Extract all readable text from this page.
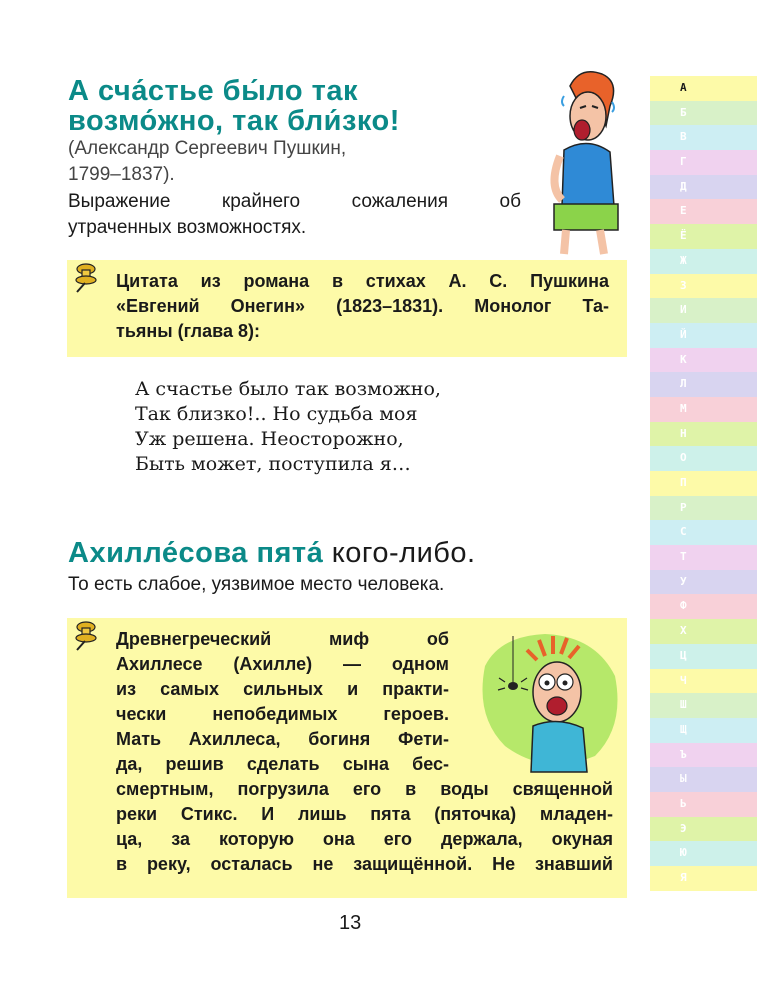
А сча́стье бы́ло так
возмо́жно, так бли́зко!
(Александр Сергеевич Пушкин,
1799–1837).
Выражение крайнего сожаления об
утраченных возможностях.
Цитата из романа в стихах А. С. Пушкина
«Евгений Онегин» (1823–1831). Монолог Та-
тьяны (глава 8):
А счастье было так возможно,
Так близко!.. Но судьба моя
Уж решена. Неосторожно,
Быть может, поступила я…
Ахилле́сова пята́ кого-либо.
То есть слабое, уязвимое место человека.
Древнегреческий миф об
Ахиллесе (Ахилле) — одном
из самых сильных и практи-
чески непобедимых героев.
Мать Ахиллеса, богиня Фети-
да, решив сделать сына бес-
смертным, погрузила его в воды священной
реки Стикс. И лишь пята (пяточка) младен-
ца, за которую она его держала, окуная
в реку, осталась не защищённой. Не знавший
13
А
Б
В
Г
Д
Е
Ё
Ж
З
И
Й
К
Л
М
Н
О
П
Р
С
Т
У
Ф
Х
Ц
Ч
Ш
Щ
Ъ
Ы
Ь
Э
Ю
Я
